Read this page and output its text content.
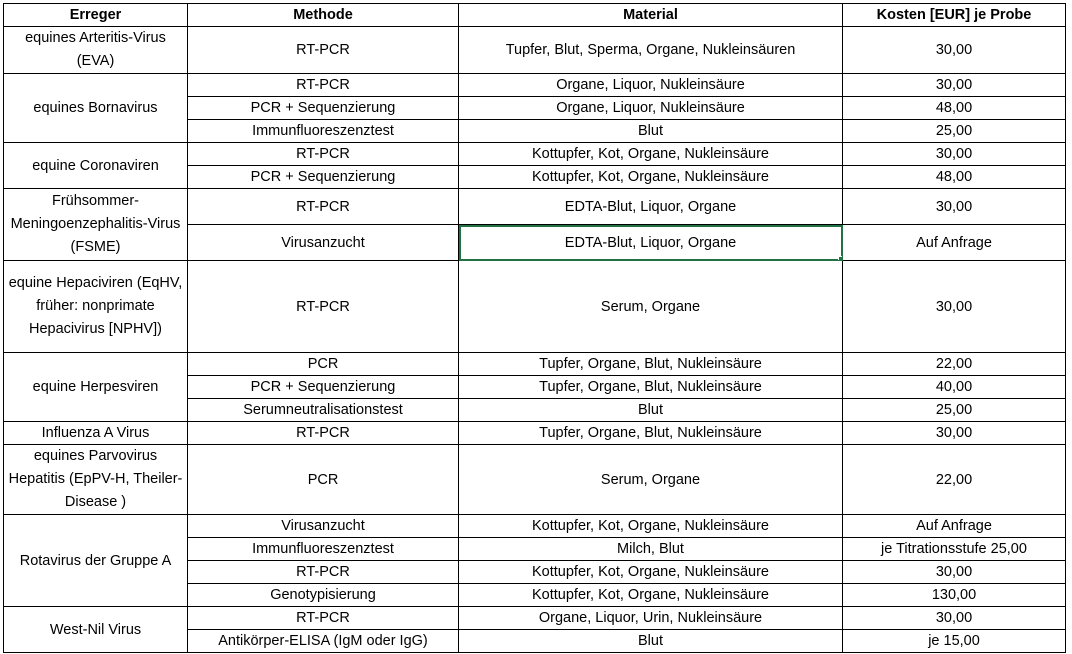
Erreger	Methode	Material	Kosten [EUR] je Probe
equines Arteritis-Virus (EVA)	RT-PCR	Tupfer, Blut, Sperma, Organe, Nukleinsäuren	30,00
equines Bornavirus	RT-PCR	Organe, Liquor, Nukleinsäure	30,00
	PCR + Sequenzierung	Organe, Liquor, Nukleinsäure	48,00
	Immunfluoreszenztest	Blut	25,00
equine Coronaviren	RT-PCR	Kottupfer, Kot, Organe, Nukleinsäure	30,00
	PCR + Sequenzierung	Kottupfer, Kot, Organe, Nukleinsäure	48,00
Frühsommer-Meningoenzephalitis-Virus (FSME)	RT-PCR	EDTA-Blut, Liquor, Organe	30,00
	Virusanzucht	EDTA-Blut, Liquor, Organe	Auf Anfrage
equine Hepaciviren (EqHV, früher: nonprimate Hepacivirus [NPHV])	RT-PCR	Serum, Organe	30,00
equine Herpesviren	PCR	Tupfer, Organe, Blut, Nukleinsäure	22,00
	PCR + Sequenzierung	Tupfer, Organe, Blut, Nukleinsäure	40,00
	Serumneutralisationstest	Blut	25,00
Influenza A Virus	RT-PCR	Tupfer, Organe, Blut, Nukleinsäure	30,00
equines Parvovirus Hepatitis (EpPV-H, Theiler-Disease )	PCR	Serum, Organe	22,00
Rotavirus der Gruppe A	Virusanzucht	Kottupfer, Kot, Organe, Nukleinsäure	Auf Anfrage
	Immunfluoreszenztest	Milch, Blut	je Titrationsstufe 25,00
	RT-PCR	Kottupfer, Kot, Organe, Nukleinsäure	30,00
	Genotypisierung	Kottupfer, Kot, Organe, Nukleinsäure	130,00
West-Nil Virus	RT-PCR	Organe, Liquor, Urin, Nukleinsäure	30,00
	Antikörper-ELISA (IgM oder IgG)	Blut	je 15,00
